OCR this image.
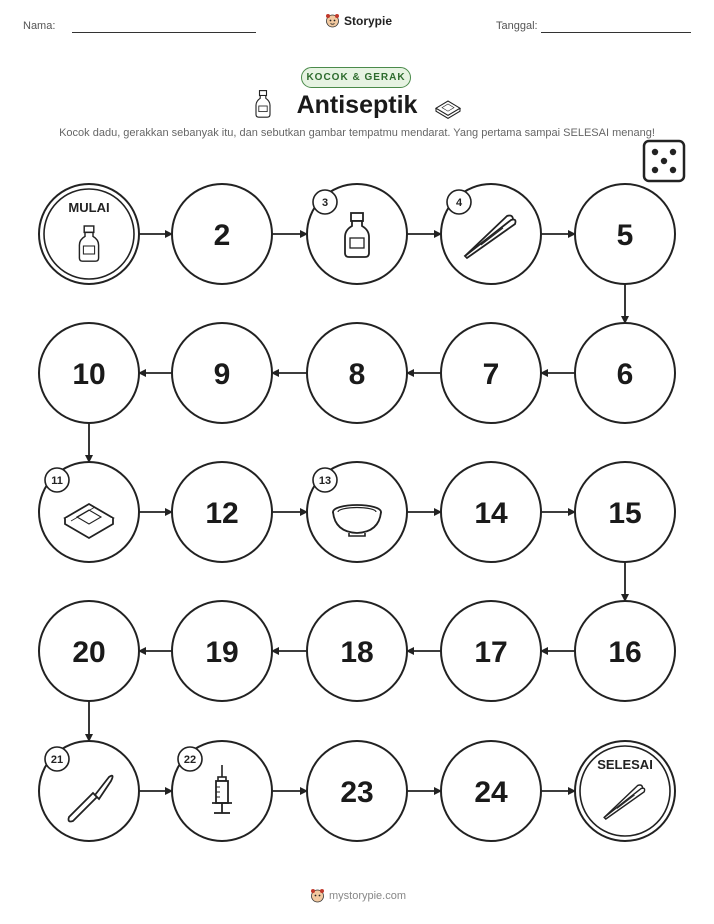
Nama:	Storypie	Tanggal:
KOCOK & GERAK
Antiseptik
Kocok dadu, gerakkan sebanyak itu, dan sebutkan gambar tempatmu mendarat. Yang pertama sampai SELESAI menang!
MULAI
2
3	4
5
6
7
8
9
10
11
12
13
14	15
16
17
18
19
20
21	22
23	24
SELESAI
mystorypie.com
